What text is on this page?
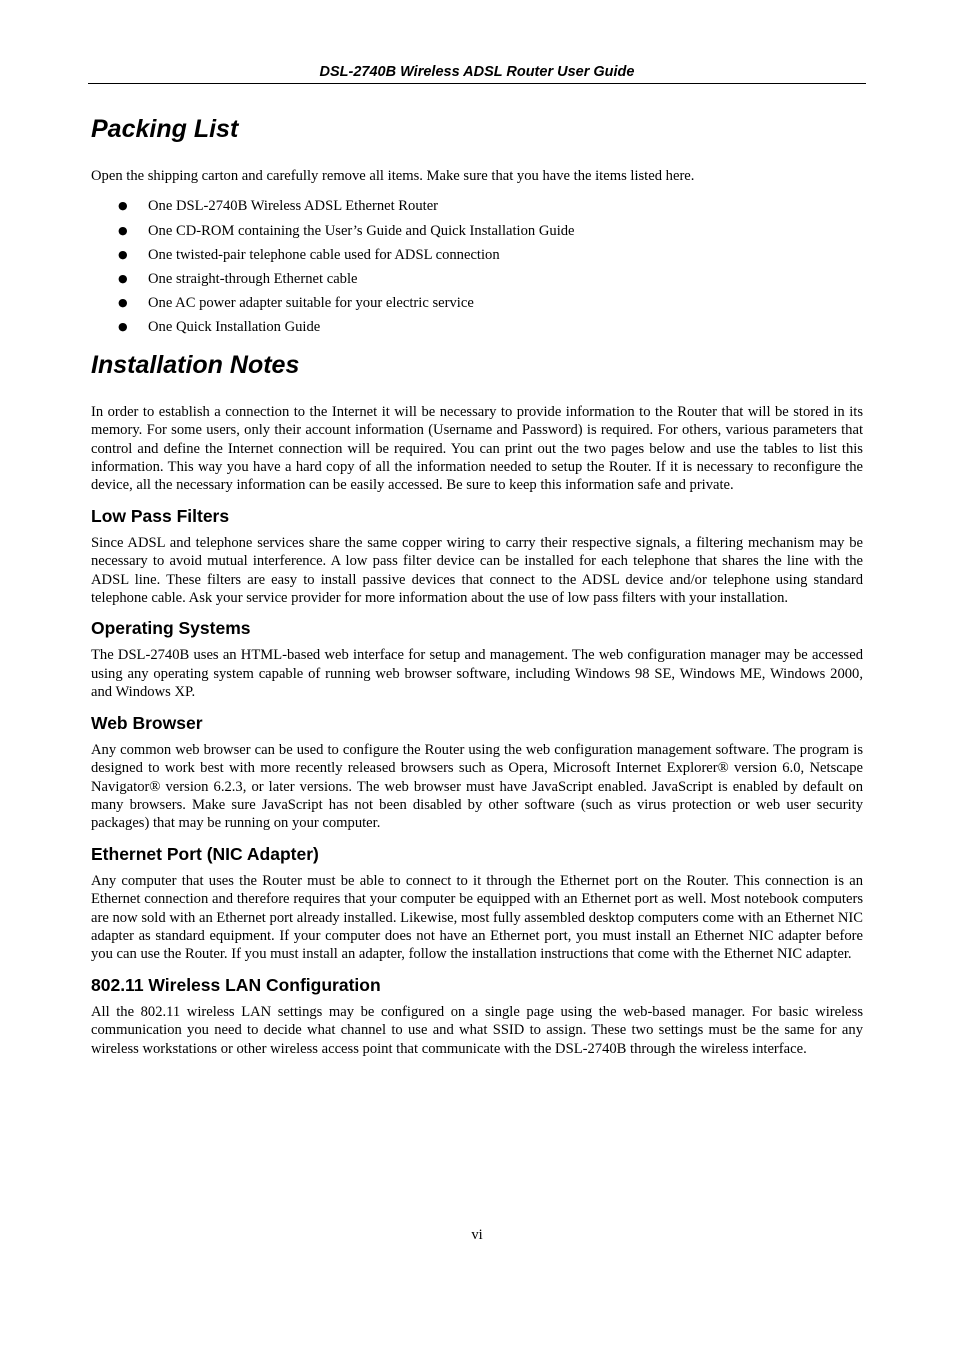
DSL-2740B Wireless ADSL Router User Guide
Packing List

Open the shipping carton and carefully remove all items. Make sure that you have the items listed here.

● One DSL-2740B Wireless ADSL Ethernet Router
● One CD-ROM containing the User’s Guide and Quick Installation Guide
● One twisted-pair telephone cable used for ADSL connection
● One straight-through Ethernet cable
● One AC power adapter suitable for your electric service
● One Quick Installation Guide
Installation Notes

In order to establish a connection to the Internet it will be necessary to provide information to the Router that will be stored in its memory. For some users, only their account information (Username and Password) is required. For others, various parameters that control and define the Internet connection will be required. You can print out the two pages below and use the tables to list this information. This way you have a hard copy of all the information needed to setup the Router. If it is necessary to reconfigure the device, all the necessary information can be easily accessed. Be sure to keep this information safe and private.

Low Pass Filters

Since ADSL and telephone services share the same copper wiring to carry their respective signals, a filtering mechanism may be necessary to avoid mutual interference. A low pass filter device can be installed for each telephone that shares the line with the ADSL line. These filters are easy to install passive devices that connect to the ADSL device and/or telephone using standard telephone cable. Ask your service provider for more information about the use of low pass filters with your installation.

Operating Systems

The DSL-2740B uses an HTML-based web interface for setup and management. The web configuration manager may be accessed using any operating system capable of running web browser software, including Windows 98 SE, Windows ME, Windows 2000, and Windows XP.

Web Browser

Any common web browser can be used to configure the Router using the web configuration management software. The program is designed to work best with more recently released browsers such as Opera, Microsoft Internet Explorer® version 6.0, Netscape Navigator® version 6.2.3, or later versions. The web browser must have JavaScript enabled. JavaScript is enabled by default on many browsers. Make sure JavaScript has not been disabled by other software (such as virus protection or web user security packages) that may be running on your computer.

Ethernet Port (NIC Adapter)

Any computer that uses the Router must be able to connect to it through the Ethernet port on the Router. This connection is an Ethernet connection and therefore requires that your computer be equipped with an Ethernet port as well. Most notebook computers are now sold with an Ethernet port already installed. Likewise, most fully assembled desktop computers come with an Ethernet NIC adapter as standard equipment. If your computer does not have an Ethernet port, you must install an Ethernet NIC adapter before you can use the Router. If you must install an adapter, follow the installation instructions that come with the Ethernet NIC adapter.

802.11 Wireless LAN Configuration

All the 802.11 wireless LAN settings may be configured on a single page using the web-based manager. For basic wireless communication you need to decide what channel to use and what SSID to assign. These two settings must be the same for any wireless workstations or other wireless access point that communicate with the DSL-2740B through the wireless interface.

vi
